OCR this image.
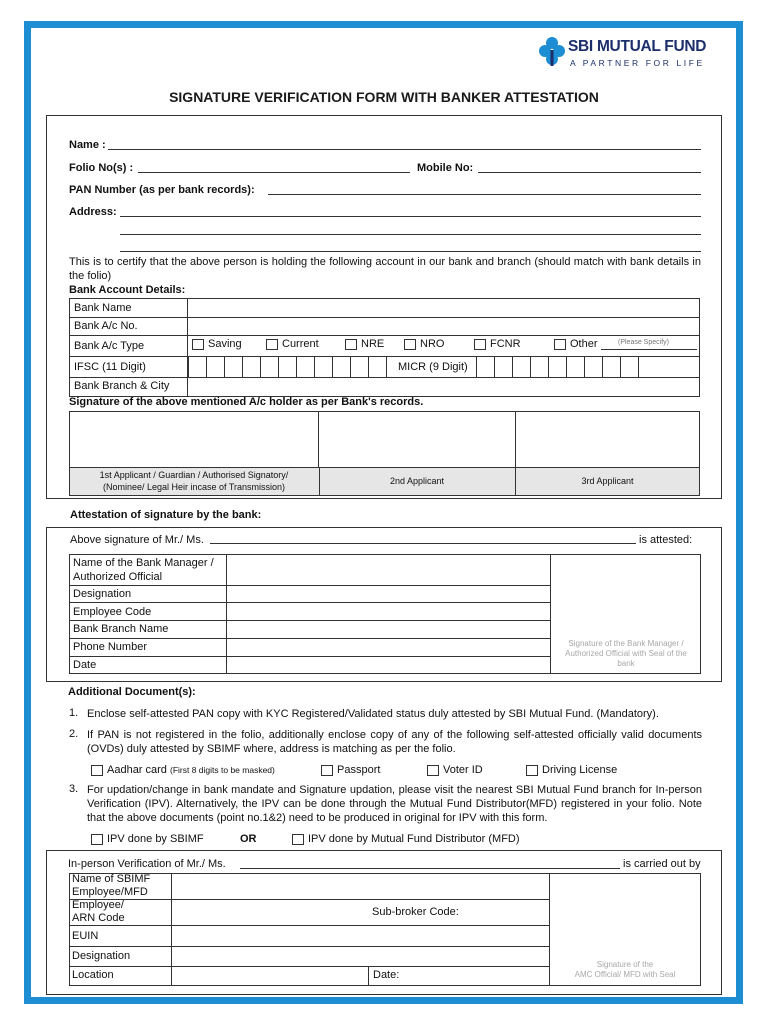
SBI MUTUAL FUND
A PARTNER FOR LIFE
SIGNATURE VERIFICATION FORM WITH BANKER ATTESTATION
Name :
Folio No(s) :	Mobile No:
PAN Number (as per bank records):
Address:
This is to certify that the above person is holding the following account in our bank and branch (should match with bank details in the folio)
Bank Account Details:
Bank Name
Bank A/c No.
Bank A/c Type	Saving	Current	NRE	NRO	FCNR	Other	(Please Specify)
IFSC (11 Digit)	MICR (9 Digit)
Bank Branch & City
Signature of the above mentioned A/c holder as per Bank's records.
1st Applicant / Guardian / Authorised Signatory/
(Nominee/ Legal Heir incase of Transmission)
2nd Applicant	3rd Applicant
Attestation of signature by the bank:
Above signature of Mr./ Ms.	is attested:
Name of the Bank Manager /
Authorized Official
Designation
Employee Code
Bank Branch Name
Phone Number
Date
Signature of the Bank Manager / Authorized Official with Seal of the bank
Additional Document(s):
1. Enclose self-attested PAN copy with KYC Registered/Validated status duly attested by SBI Mutual Fund. (Mandatory).
2. If PAN is not registered in the folio, additionally enclose copy of any of the following self-attested officially valid documents (OVDs) duly attested by SBIMF where, address is matching as per the folio.
Aadhar card (First 8 digits to be masked)	Passport	Voter ID	Driving License
3. For updation/change in bank mandate and Signature updation, please visit the nearest SBI Mutual Fund branch for In-person Verification (IPV). Alternatively, the IPV can be done through the Mutual Fund Distributor(MFD) registered in your folio. Note that the above documents (point no.1&2) need to be produced in original for IPV with this form.
IPV done by SBIMF	OR	IPV done by Mutual Fund Distributor (MFD)
In-person Verification of Mr./ Ms.	is carried out by
Name of SBIMF
Employee/MFD
Employee/
ARN Code	Sub-broker Code:
EUIN
Designation
Location	Date:
Signature of the
AMC Official/ MFD with Seal
